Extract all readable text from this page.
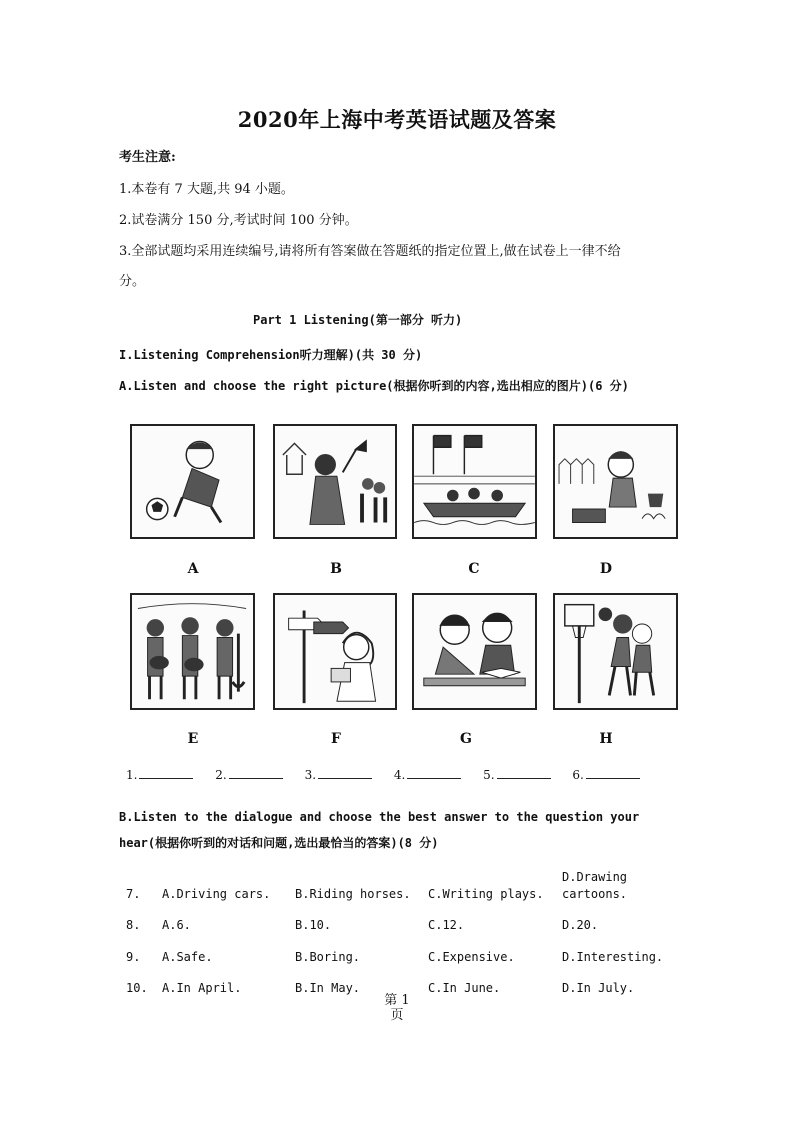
2020年上海中考英语试题及答案
考生注意:
1.本卷有 7 大题,共 94 小题。
2.试卷满分 150 分,考试时间 100 分钟。
3.全部试题均采用连续编号,请将所有答案做在答题纸的指定位置上,做在试卷上一律不给
分。
Part 1 Listening(第一部分 听力)
I.Listening Comprehension听力理解)(共 30 分)
A.Listen and choose the right picture(根据你听到的内容,选出相应的图片)(6 分)
A	B	C	D
E	F	G	H
1.	2.	3.	4.	5.	6.
B.Listen to the dialogue and choose the best answer to the question your
hear(根据你听到的对话和问题,选出最恰当的答案)(8 分)
7.	A.Driving cars. B.Riding horses. C.Writing plays.
D.Drawing
cartoons.
8.	A.6.	B.10.	C.12.	D.20.
9.	A.Safe.	B.Boring.	C.Expensive.	D.Interesting.
10.	A.In April.	B.In May.	C.In June.	D.In July.
第 1
页
